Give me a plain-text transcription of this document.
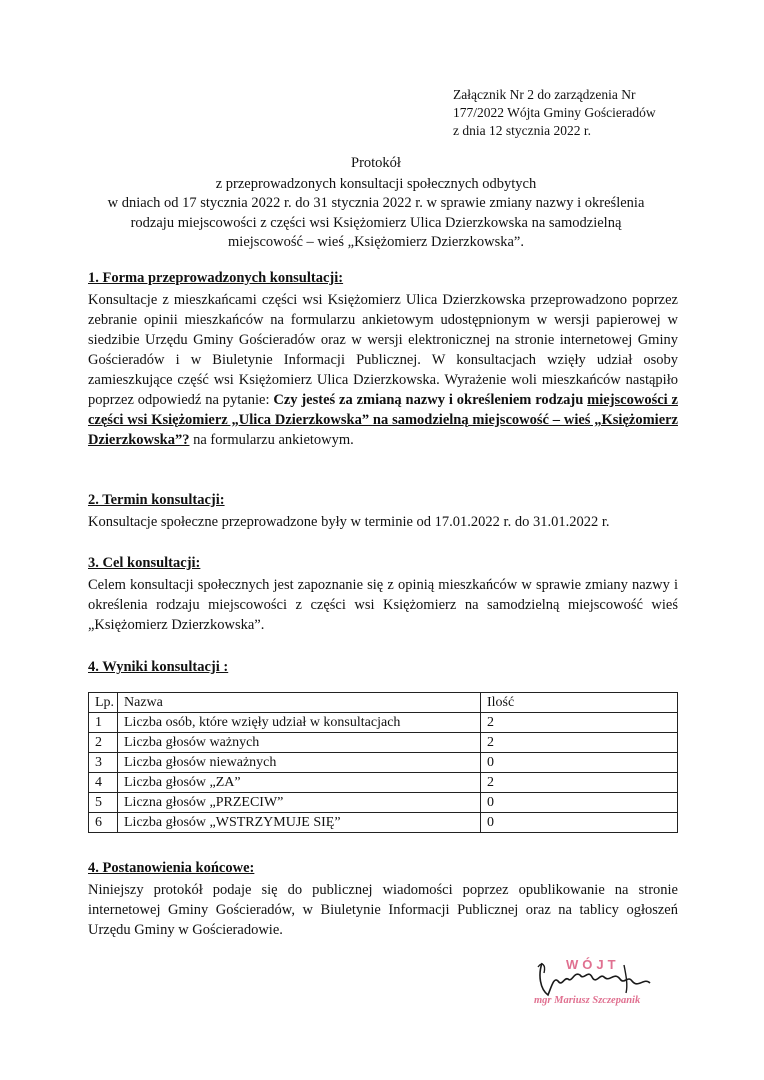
Załącznik Nr 2 do zarządzenia Nr
177/2022 Wójta Gminy Gościeradów
z dnia 12 stycznia 2022 r.
Protokół
z przeprowadzonych konsultacji społecznych odbytych
w dniach od 17 stycznia 2022 r. do 31 stycznia 2022 r. w sprawie zmiany nazwy i określenia
rodzaju miejscowości z części wsi Księżomierz Ulica Dzierzkowska na samodzielną
miejscowość – wieś „Księżomierz Dzierzkowska”.
1. Forma przeprowadzonych konsultacji:
Konsultacje z mieszkańcami części wsi Księżomierz Ulica Dzierzkowska przeprowadzono poprzez zebranie opinii mieszkańców na formularzu ankietowym udostępnionym w wersji papierowej w siedzibie Urzędu Gminy Gościeradów oraz w wersji elektronicznej na stronie internetowej Gminy Gościeradów i w Biuletynie Informacji Publicznej. W konsultacjach wzięły udział osoby zamieszkujące część wsi Księżomierz Ulica Dzierzkowska. Wyrażenie woli mieszkańców nastąpiło poprzez odpowiedź na pytanie: Czy jesteś za zmianą nazwy i określeniem rodzaju miejscowości z części wsi Księżomierz „Ulica Dzierzkowska” na samodzielną miejscowość – wieś „Księżomierz Dzierzkowska”? na formularzu ankietowym.
2. Termin konsultacji:
Konsultacje społeczne przeprowadzone były w terminie od 17.01.2022 r. do 31.01.2022 r.
3. Cel konsultacji:
Celem konsultacji społecznych jest zapoznanie się z opinią mieszkańców w sprawie zmiany nazwy i określenia rodzaju miejscowości z części wsi Księżomierz na samodzielną miejscowość wieś „Księżomierz Dzierzkowska”.
4. Wyniki konsultacji :
Lp.	Nazwa	Ilość
1	Liczba osób, które wzięły udział w konsultacjach	2
2	Liczba głosów ważnych	2
3	Liczba głosów nieważnych	0
4	Liczba głosów „ZA”	2
5	Liczna głosów „PRZECIW”	0
6	Liczba głosów „WSTRZYMUJE SIĘ”	0
4. Postanowienia końcowe:
Niniejszy protokół podaje się do publicznej wiadomości poprzez opublikowanie na stronie internetowej Gminy Gościeradów, w Biuletynie Informacji Publicznej oraz na tablicy ogłoszeń Urzędu Gminy w Gościeradowie.
WÓJT
mgr Mariusz Szczepanik
